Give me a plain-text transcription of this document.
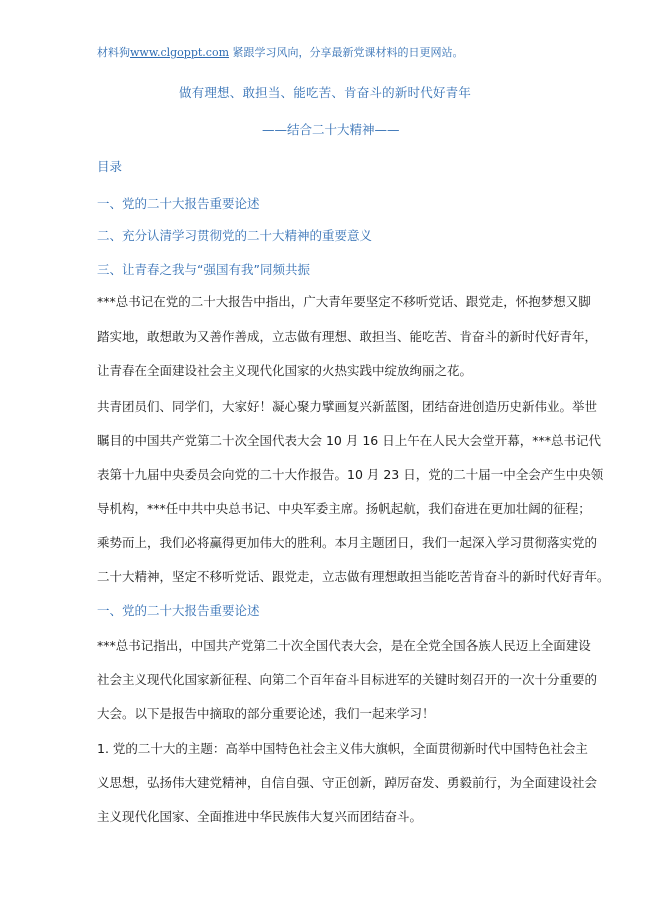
材料狗www.clgoppt.com 紧跟学习风向，分享最新党课材料的日更网站。
做有理想、敢担当、能吃苦、肯奋斗的新时代好青年
——结合二十大精神——
目录
一、党的二十大报告重要论述
二、充分认清学习贯彻党的二十大精神的重要意义
三、让青春之我与“强国有我”同频共振
***总书记在党的二十大报告中指出，广大青年要坚定不移听党话、跟党走，怀抱梦想又脚
踏实地，敢想敢为又善作善成，立志做有理想、敢担当、能吃苦、肯奋斗的新时代好青年，
让青春在全面建设社会主义现代化国家的火热实践中绽放绚丽之花。
共青团员们、同学们，大家好！凝心聚力擘画复兴新蓝图，团结奋进创造历史新伟业。举世
瞩目的中国共产党第二十次全国代表大会 10 月 16 日上午在人民大会堂开幕，***总书记代
表第十九届中央委员会向党的二十大作报告。10 月 23 日，党的二十届一中全会产生中央领
导机构，***任中共中央总书记、中央军委主席。扬帆起航，我们奋进在更加壮阔的征程；
乘势而上，我们必将赢得更加伟大的胜利。本月主题团日，我们一起深入学习贯彻落实党的
二十大精神，坚定不移听党话、跟党走，立志做有理想敢担当能吃苦肯奋斗的新时代好青年。
一、党的二十大报告重要论述
***总书记指出，中国共产党第二十次全国代表大会，是在全党全国各族人民迈上全面建设
社会主义现代化国家新征程、向第二个百年奋斗目标进军的关键时刻召开的一次十分重要的
大会。以下是报告中摘取的部分重要论述，我们一起来学习！
1. 党的二十大的主题：高举中国特色社会主义伟大旗帜，全面贯彻新时代中国特色社会主
义思想，弘扬伟大建党精神，自信自强、守正创新，踔厉奋发、勇毅前行，为全面建设社会
主义现代化国家、全面推进中华民族伟大复兴而团结奋斗。
